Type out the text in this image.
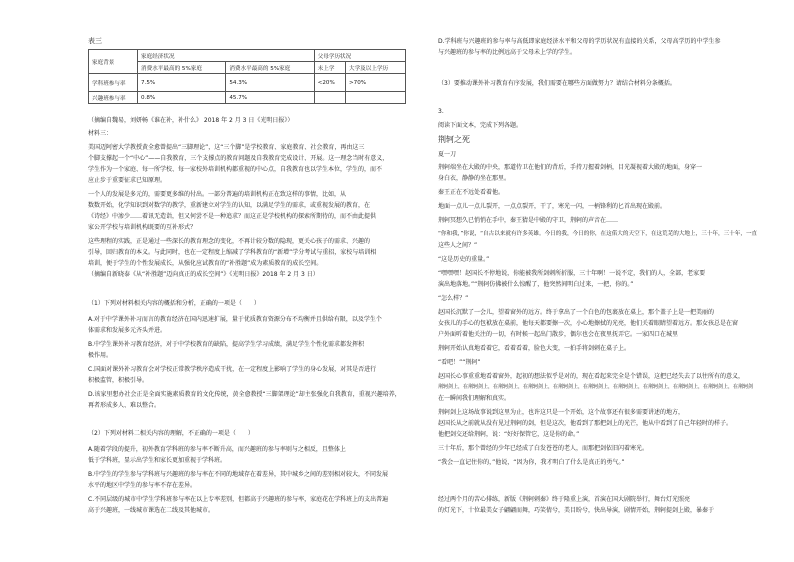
表三
家庭背景	家庭经济状况		父母学历状况	
	消费水平最高的 5%家庭	消费水平最高的 5%家庭	未上学	大学及以上学历
学科班参与率	7.5%	54.3%	<20%	>70%
兴趣班参与率	0.8%	45.7%		
（摘编自魏易，刘妍畅《谁在补，补什么》 2018 年 2 月 3 日《光明日报》）
材料三：
美国迈阿密大学教授黄全愈曾提出“三脚理论”，这“三个脚”是学校教育、家庭教育、社会教育，再由这三
个脚支撑起一个“中心”——自我教育，三个支撑点的教育问题及自我教育完成设计、开展。这一理念当时有意义，
学生作为一个家庭、每一所学校、每一家校外培训机构都重视的中心点，自我教育也以学生本位，学生的，而不
应止步于重要征求已知原理。
一个人的发展是多元的，需要更多维的付出。一部分普遍的培训机构正在致这样的事情，比如，从
数数开始，化学知识到对数学的教学，重新建立对学生的认知，以满足学生的需求，或重视发展的教育，在
《诗经》中渗少……着讯无造诣，但又何尝不是一种追求？而这正是学校机构的探索所期待的，而不由此提供
家公开学校与培训机构既要的互补形式？
这些理程的实践，正是通过一些深长的教育理念的变化，不再计较分数的隐现，更关心孩子的需求、兴趣的
引导，回归教育的本义。与此同时，也在一定程度上缩减了学科教育的“新增”学分考试与重招，家校与培训相
培训，便于学生的个性发展成长，从强化应试教育的“补胜题”成为素质教育的成长空间。
（摘编自新晓泰《从“补胜题”迈向真正的成长空间”》《光明日报》2018 年 2 月 3 日）
（1）下列对材料相关内容的概括和分析，正确的一项是（　　）
A.对于中学课外补习而言的教育经济在国内迅速扩展，量于优质教育资源分布不均衡并且供给有限，以及学生个
体需求和发展多元齐头并进。
B.中学生课外补习教育经济，对于中学校教育的缺陷，提高学生学习成绩，满足学生个性化需求都发挥积
极作用。
C.国面对课外补习教育会对学校正常教学秩序造成干扰，在一定程度上影响了学生的身心发展，对其是否进行
积极监管，积极引导。
D.该家里想办社会正是全面实施素质教育的文化传统，黄全愈教授“三脚架理论”却主张强化自我教育，重视兴趣培养，
再者形成多人、难以整合。
（2）下列对材料二相关内容的理解，不正确的一项是（　　）
A.随着学段的提升，初外教育学科班的参与率不断升高，而兴趣班的参与率则与之相反，且整体上
低于学科班，显示出学生和家长更加重视于学科班。
B.中学生的学生参与学科班与兴趣班的参与率在不同的地域存在着差异，其中城乡之间的差别相对较大，不同发展
水平的地区中学生的参与率不存在差异。
C.不同层级的城市中学生学科班参与率在以上专率差别，但都高于兴趣班的参与率，家庭花在学科班上的支出普遍
高于兴趣班，一线城市课选在二线及其他城市。
D.学科班与兴趣班的参与率与高低即家庭经济水平和父母的学历状况有直接的关系，父母高学历的中学生参
与兴趣班的参与率的比例远高于父母未上学的学生。
（3）要推动课外补习教育有序发展，我们需要在哪些方面做努力？请结合材料分条概括。
3.
阅读下面文本，完成下列各题。
荆轲之死
夏一刀
荆轲端坐在大殿的中央，那道侍卫在他们的背后，手持刀握着剑柄，目光凝视着大殿的地面，身穿一
身白衣，静静的坐在那里。
秦王正在不远处看着他。
地面一点儿一点儿裂开，一点点裂开，干了，寒光一闪，一柄锋利的匕首出现在殿前。
荆轲冥想久已悄悄在手中，秦王猜是中殿的守卫，荆轲的声音在……
“你和我，”你说，“自古以来就有许多英雄。今日的我，今日的你，在这偌大的天空下，在这荒芜的大地上，三十年，三十年，一直
这些人之间？”
“这是历史的重量。”
“嘿嘿嘿！赵国长不停地说，你能被我所剑刺所折服，三十年啊！一说不定，我们的人，全部，老家要
演出地落地。”“荆轲仿佛被什么惊醒了，他突然间明白过来，一把，你的。”
“怎么样？”
赵国长沉默了一会儿，望着窗外的远方。终于拿出了一个白色的包裹放在桌上，那个盖子上是一把美丽的
女孩儿的手心的包袱放在桌前，他每天都要擦一次，小心地擦拭的光亮，他们关着眼睛望着远方。那女孩总是在窗
户外面听着他关注的一切，有时候一起出门散步，偶尔也会在夜里抚弄它。一家四口在城里
荆轲开始认真地看着它，看着看着，脸色大变，一拍手将剑刺在桌子上。
“看吧！”“荆轲”
赵国长心事重重地看着窗外，起初的想法似乎是对的，现在看起来完全是个错误，这把已经失去了以往所有的意义，
荆轲剑上，在荆轲剑上，在荆轲剑上，在荆轲剑上，在荆轲剑上，在荆轲剑上，在荆轲剑上，在荆轲剑上，在荆轲剑上，在荆轲剑上，在荆轲剑
在一瞬间我们理解和真实。
荆轲剑上这场故事说到这里为止，也许这只是一个开始，这个故事还有很多需要讲述的地方，
赵国长从之前就从没有见过荆轲的剑，但是这次，他看到了那把剑上的光芒，他从中看到了自己年轻时的样子。
他把剑交还给荆轲，说：“好好保管它，这是你的命。”
三十年后，那个曾经的少年已经成了白发苍苍的老人，而那把剑依旧闪着寒光。
“我会一直记住你的，”他说，“因为你，我才明白了什么是真正的勇气。”
经过两个月的苦心排练，新版《荆轲刺秦》终于隆重上演，首演在国大剧院举行，舞台灯光照亮
的灯光下，十位最美女子翩翩而舞，巧笑倩兮，美目盼兮，快出导演，剧情开始，荆轲提剑上殿，暴秦于
